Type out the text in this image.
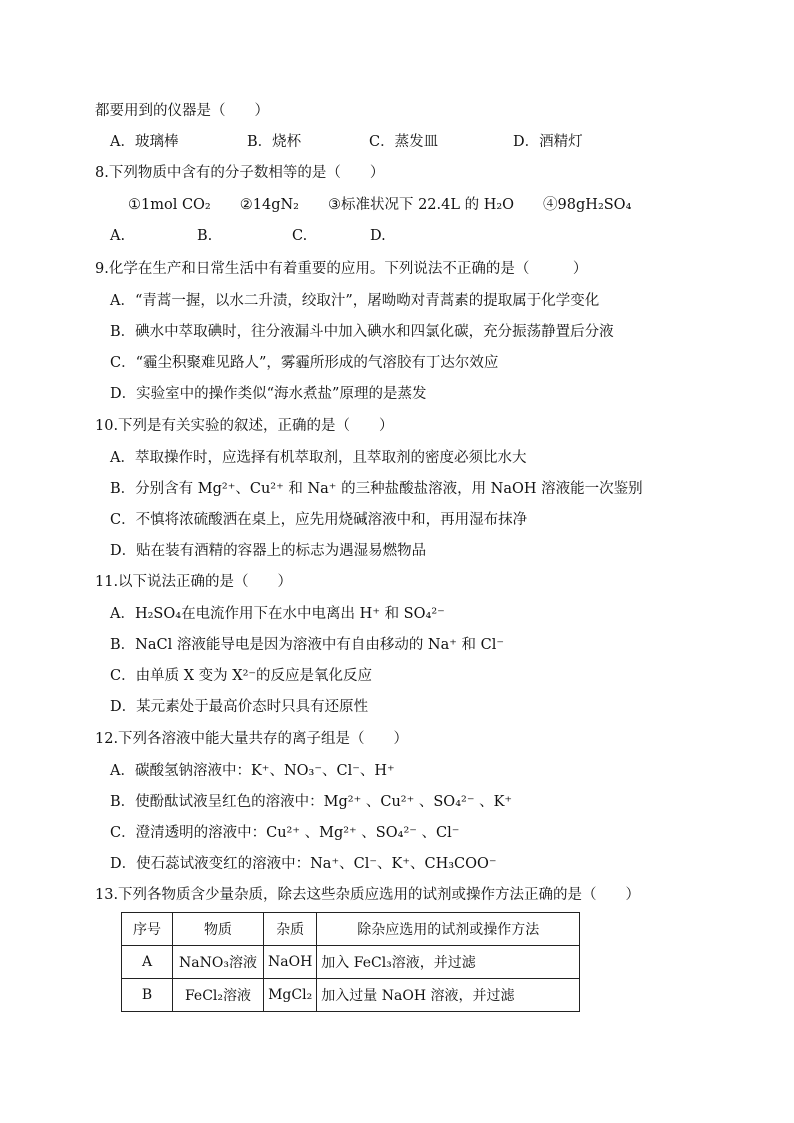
都要用到的仪器是（　　）
A．玻璃棒	B．烧杯	C．蒸发皿	D．酒精灯
8.下列物质中含有的分子数相等的是（　　）
①1mol CO₂　　②14gN₂　　③标准状况下 22.4L 的 H₂O　　④98gH₂SO₄
A.	B.	C.	D.
9.化学在生产和日常生活中有着重要的应用。下列说法不正确的是（　　　）
A．“青蒿一握，以水二升渍，绞取汁”，屠呦呦对青蒿素的提取属于化学变化
B．碘水中萃取碘时，往分液漏斗中加入碘水和四氯化碳，充分振荡静置后分液
C．“霾尘积聚难见路人”，雾霾所形成的气溶胶有丁达尔效应
D．实验室中的操作类似“海水煮盐”原理的是蒸发
10.下列是有关实验的叙述，正确的是（　　）
A．萃取操作时，应选择有机萃取剂，且萃取剂的密度必须比水大
B．分别含有 Mg²⁺、Cu²⁺ 和 Na⁺ 的三种盐酸盐溶液，用 NaOH 溶液能一次鉴别
C．不慎将浓硫酸洒在桌上，应先用烧碱溶液中和，再用湿布抹净
D．贴在装有酒精的容器上的标志为遇湿易燃物品
11.以下说法正确的是（　　）
A．H₂SO₄在电流作用下在水中电离出 H⁺ 和 SO₄²⁻
B．NaCl 溶液能导电是因为溶液中有自由移动的 Na⁺ 和 Cl⁻
C．由单质 X 变为 X²⁻的反应是氧化反应
D．某元素处于最高价态时只具有还原性
12.下列各溶液中能大量共存的离子组是（　　）
A．碳酸氢钠溶液中：K⁺、NO₃⁻、Cl⁻、H⁺
B．使酚酞试液呈红色的溶液中：Mg²⁺ 、Cu²⁺ 、SO₄²⁻ 、K⁺
C．澄清透明的溶液中：Cu²⁺ 、Mg²⁺ 、SO₄²⁻ 、Cl⁻
D．使石蕊试液变红的溶液中：Na⁺、Cl⁻、K⁺、CH₃COO⁻
13.下列各物质含少量杂质，除去这些杂质应选用的试剂或操作方法正确的是（　　）
序号	物质	杂质	除杂应选用的试剂或操作方法
A	NaNO₃溶液	NaOH	加入 FeCl₃溶液，并过滤
B	FeCl₂溶液	MgCl₂	加入过量 NaOH 溶液，并过滤
